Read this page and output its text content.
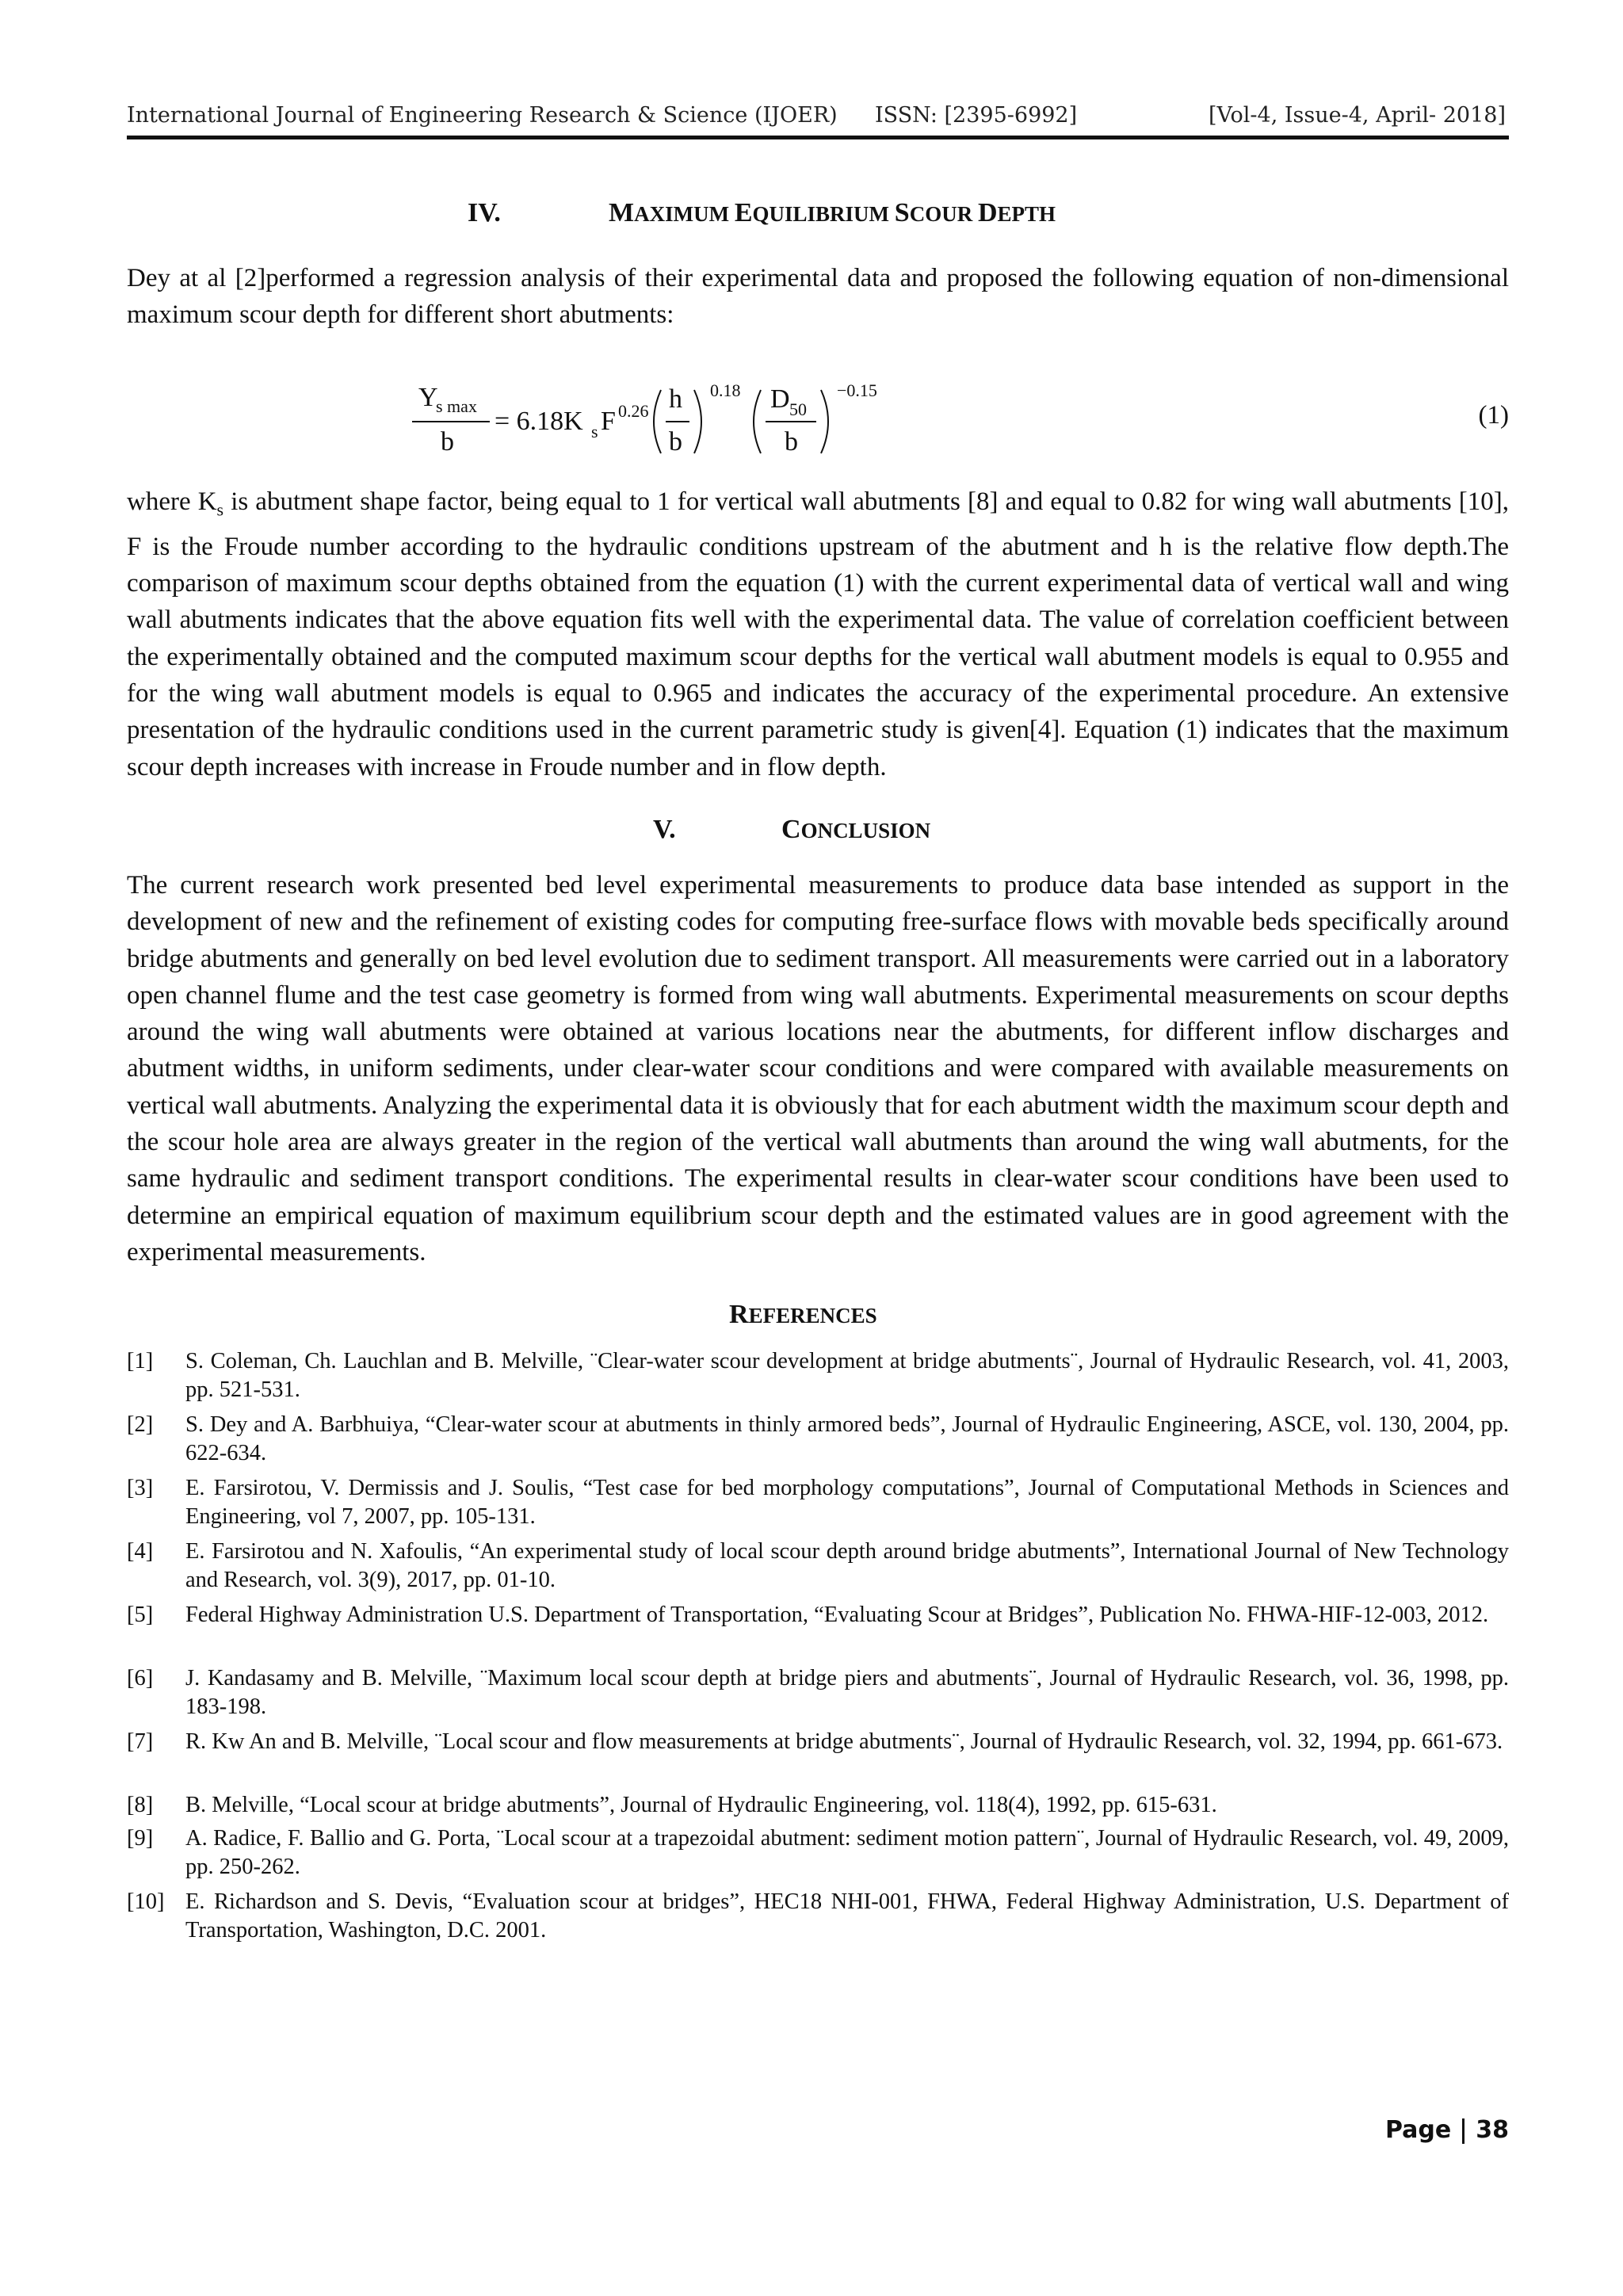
International Journal of Engineering Research & Science (IJOER) ISSN: [2395-6992]	[Vol-4, Issue-4, April- 2018]
IV.	MAXIMUM EQUILIBRIUM SCOUR DEPTH

Dey at al [2]performed a regression analysis of their experimental data and proposed the following equation of non-dimensional maximum scour depth for different short abutments:

Y
s max
b
= 6.18K s F 0.26 h
b
0.18 D 50
b
−0.15
(1)

where $K_s$ is abutment shape factor, being equal to 1 for vertical wall abutments [8] and equal to 0.82 for wing wall abutments [10], F is the Froude number according to the hydraulic conditions upstream of the abutment and h is the relative flow depth.The comparison of maximum scour depths obtained from the equation (1) with the current experimental data of vertical wall and wing wall abutments indicates that the above equation fits well with the experimental data. The value of correlation coefficient between the experimentally obtained and the computed maximum scour depths for the vertical wall abutment models is equal to 0.955 and for the wing wall abutment models is equal to 0.965 and indicates the accuracy of the experimental procedure. An extensive presentation of the hydraulic conditions used in the current parametric study is given[4]. Equation (1) indicates that the maximum scour depth increases with increase in Froude number and in flow depth.

V.	CONCLUSION

The current research work presented bed level experimental measurements to produce data base intended as support in the development of new and the refinement of existing codes for computing free-surface flows with movable beds specifically around bridge abutments and generally on bed level evolution due to sediment transport. All measurements were carried out in a laboratory open channel flume and the test case geometry is formed from wing wall abutments. Experimental measurements on scour depths around the wing wall abutments were obtained at various locations near the abutments, for different inflow discharges and abutment widths, in uniform sediments, under clear-water scour conditions and were compared with available measurements on vertical wall abutments. Analyzing the experimental data it is obviously that for each abutment width the maximum scour depth and the scour hole area are always greater in the region of the vertical wall abutments than around the wing wall abutments, for the same hydraulic and sediment transport conditions. The experimental results in clear-water scour conditions have been used to determine an empirical equation of maximum equilibrium scour depth and the estimated values are in good agreement with the experimental measurements.

REFERENCES
[1] S. Coleman, Ch. Lauchlan and B. Melville, ¨Clear-water scour development at bridge abutments¨, Journal of Hydraulic Research, vol. 41, 2003, pp. 521-531.
[2] S. Dey and A. Barbhuiya, “Clear-water scour at abutments in thinly armored beds”, Journal of Hydraulic Engineering, ASCE, vol. 130, 2004, pp. 622-634.
[3] E. Farsirotou, V. Dermissis and J. Soulis, “Test case for bed morphology computations”, Journal of Computational Methods in Sciences and Engineering, vol 7, 2007, pp. 105-131.
[4] E. Farsirotou and N. Xafoulis, “An experimental study of local scour depth around bridge abutments”, International Journal of New Technology and Research, vol. 3(9), 2017, pp. 01-10.
[5] Federal Highway Administration U.S. Department of Transportation, “Evaluating Scour at Bridges”, Publication No. FHWA-HIF-12-003, 2012.
[6] J. Kandasamy and B. Melville, ¨Maximum local scour depth at bridge piers and abutments¨, Journal of Hydraulic Research, vol. 36, 1998, pp. 183-198.
[7] R. Kw An and B. Melville, ¨Local scour and flow measurements at bridge abutments¨, Journal of Hydraulic Research, vol. 32, 1994, pp. 661-673.
[8] B. Melville, “Local scour at bridge abutments”, Journal of Hydraulic Engineering, vol. 118(4), 1992, pp. 615-631.
[9] A. Radice, F. Ballio and G. Porta, ¨Local scour at a trapezoidal abutment: sediment motion pattern¨, Journal of Hydraulic Research, vol. 49, 2009, pp. 250-262.
[10] E. Richardson and S. Devis, “Evaluation scour at bridges”, HEC18 NHI-001, FHWA, Federal Highway Administration, U.S. Department of Transportation, Washington, D.C. 2001.
Page 38
